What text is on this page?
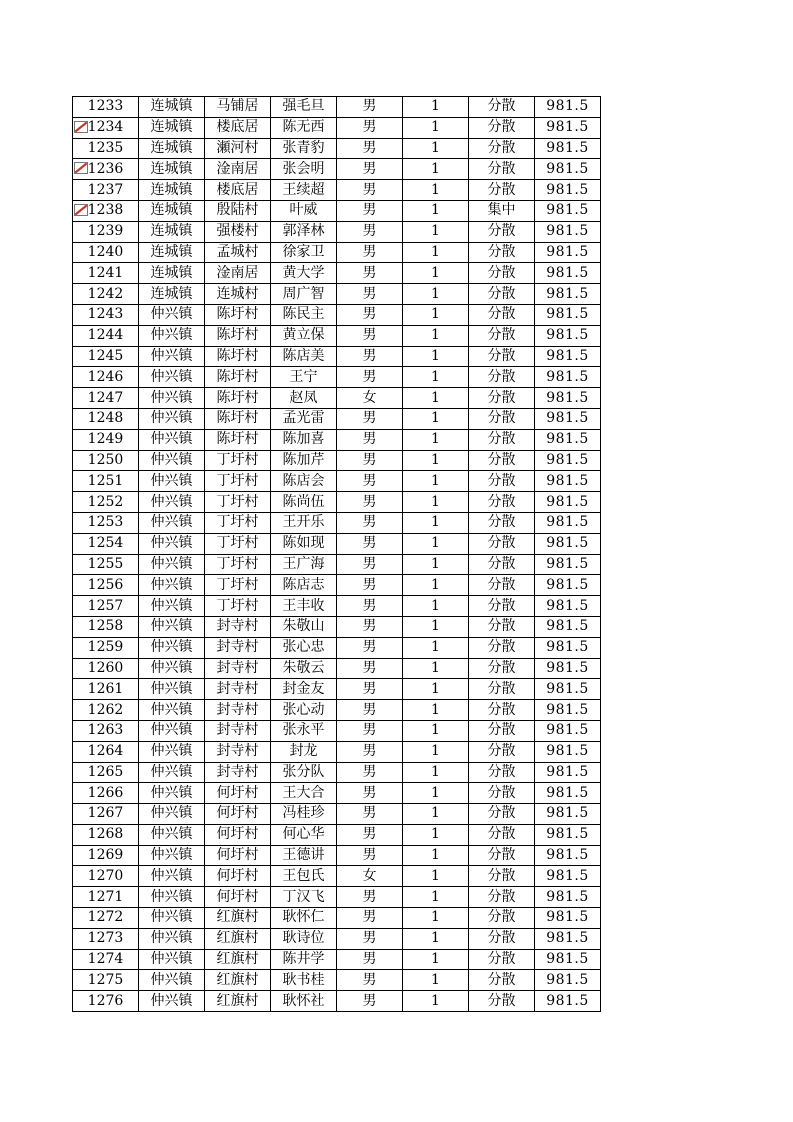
1233	连城镇	马铺居	强毛旦	男	1	分散	981.5

1234	连城镇	楼底居	陈无西	男	1	分散	981.5
1235	连城镇	瀬河村	张青豹	男	1	分散	981.5

1236	连城镇	淦南居	张会明	男	1	分散	981.5
1237	连城镇	楼底居	王续超	男	1	分散	981.5

1238	连城镇	殷陆村	叶威	男	1	集中	981.5
1239	连城镇	强楼村	郭泽林	男	1	分散	981.5
1240	连城镇	孟城村	徐家卫	男	1	分散	981.5
1241	连城镇	淦南居	黄大学	男	1	分散	981.5
1242	连城镇	连城村	周广智	男	1	分散	981.5
1243	仲兴镇	陈圩村	陈民主	男	1	分散	981.5
1244	仲兴镇	陈圩村	黄立保	男	1	分散	981.5
1245	仲兴镇	陈圩村	陈店美	男	1	分散	981.5
1246	仲兴镇	陈圩村	王宁	男	1	分散	981.5
1247	仲兴镇	陈圩村	赵凤	女	1	分散	981.5
1248	仲兴镇	陈圩村	孟光雷	男	1	分散	981.5
1249	仲兴镇	陈圩村	陈加喜	男	1	分散	981.5
1250	仲兴镇	丁圩村	陈加芹	男	1	分散	981.5
1251	仲兴镇	丁圩村	陈店会	男	1	分散	981.5
1252	仲兴镇	丁圩村	陈尚伍	男	1	分散	981.5
1253	仲兴镇	丁圩村	王开乐	男	1	分散	981.5
1254	仲兴镇	丁圩村	陈如现	男	1	分散	981.5
1255	仲兴镇	丁圩村	王广海	男	1	分散	981.5
1256	仲兴镇	丁圩村	陈店志	男	1	分散	981.5
1257	仲兴镇	丁圩村	王丰收	男	1	分散	981.5
1258	仲兴镇	封寺村	朱敬山	男	1	分散	981.5
1259	仲兴镇	封寺村	张心忠	男	1	分散	981.5
1260	仲兴镇	封寺村	朱敬云	男	1	分散	981.5
1261	仲兴镇	封寺村	封金友	男	1	分散	981.5
1262	仲兴镇	封寺村	张心动	男	1	分散	981.5
1263	仲兴镇	封寺村	张永平	男	1	分散	981.5
1264	仲兴镇	封寺村	封龙	男	1	分散	981.5
1265	仲兴镇	封寺村	张分队	男	1	分散	981.5
1266	仲兴镇	何圩村	王大合	男	1	分散	981.5
1267	仲兴镇	何圩村	冯桂珍	男	1	分散	981.5
1268	仲兴镇	何圩村	何心华	男	1	分散	981.5
1269	仲兴镇	何圩村	王德讲	男	1	分散	981.5
1270	仲兴镇	何圩村	王包氏	女	1	分散	981.5
1271	仲兴镇	何圩村	丁汉飞	男	1	分散	981.5
1272	仲兴镇	红旗村	耿怀仁	男	1	分散	981.5
1273	仲兴镇	红旗村	耿诗位	男	1	分散	981.5
1274	仲兴镇	红旗村	陈井学	男	1	分散	981.5
1275	仲兴镇	红旗村	耿书桂	男	1	分散	981.5
1276	仲兴镇	红旗村	耿怀社	男	1	分散	981.5
